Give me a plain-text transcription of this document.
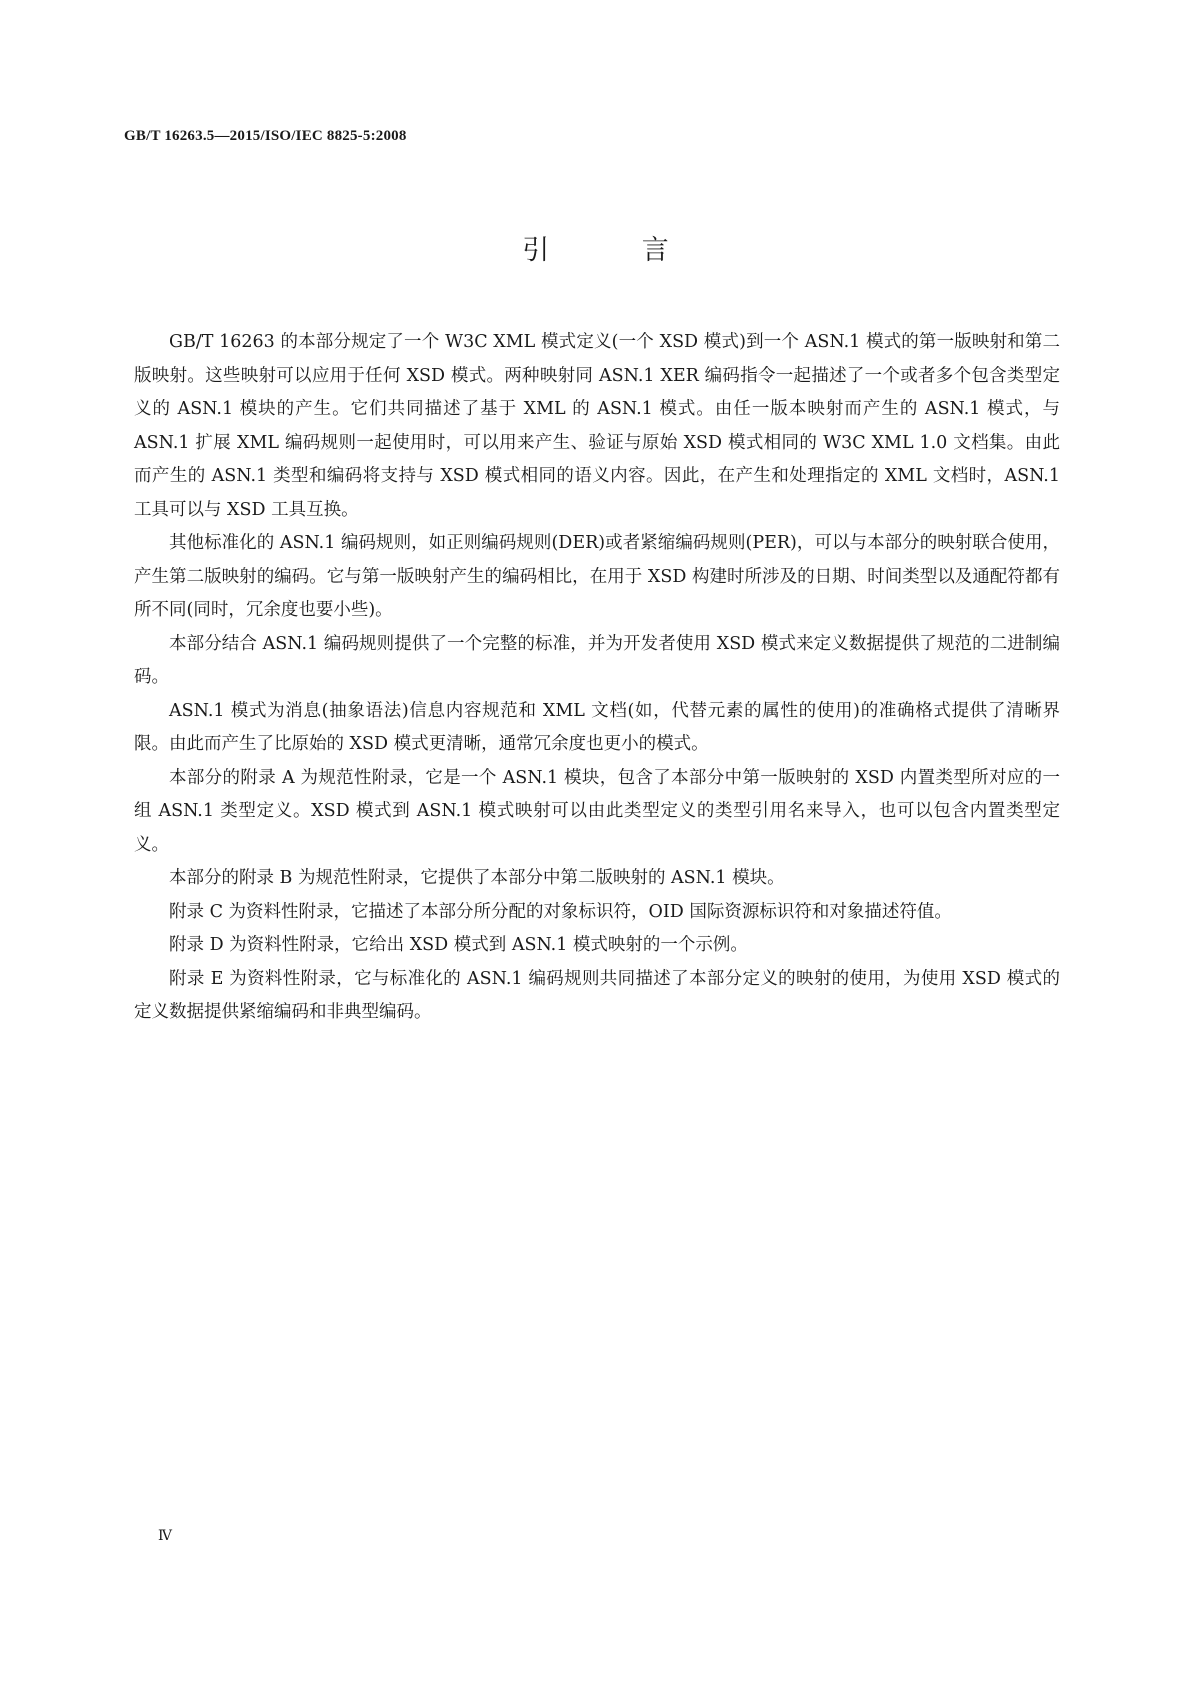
GB/T 16263.5—2015/ISO/IEC 8825-5:2008
引 言

GB/T 16263 的本部分规定了一个 W3C XML 模式定义(一个 XSD 模式)到一个 ASN.1 模式的第一版映射和第二版映射。这些映射可以应用于任何 XSD 模式。两种映射同 ASN.1 XER 编码指令一起描述了一个或者多个包含类型定义的 ASN.1 模块的产生。它们共同描述了基于 XML 的 ASN.1 模式。由任一版本映射而产生的 ASN.1 模式，与 ASN.1 扩展 XML 编码规则一起使用时，可以用来产生、验证与原始 XSD 模式相同的 W3C XML 1.0 文档集。由此而产生的 ASN.1 类型和编码将支持与 XSD 模式相同的语义内容。因此，在产生和处理指定的 XML 文档时，ASN.1 工具可以与 XSD 工具互换。

其他标准化的 ASN.1 编码规则，如正则编码规则(DER)或者紧缩编码规则(PER)，可以与本部分的映射联合使用，产生第二版映射的编码。它与第一版映射产生的编码相比，在用于 XSD 构建时所涉及的日期、时间类型以及通配符都有所不同(同时，冗余度也要小些)。

本部分结合 ASN.1 编码规则提供了一个完整的标准，并为开发者使用 XSD 模式来定义数据提供了规范的二进制编码。

ASN.1 模式为消息(抽象语法)信息内容规范和 XML 文档(如，代替元素的属性的使用)的准确格式提供了清晰界限。由此而产生了比原始的 XSD 模式更清晰，通常冗余度也更小的模式。

本部分的附录 A 为规范性附录，它是一个 ASN.1 模块，包含了本部分中第一版映射的 XSD 内置类型所对应的一组 ASN.1 类型定义。XSD 模式到 ASN.1 模式映射可以由此类型定义的类型引用名来导入，也可以包含内置类型定义。

本部分的附录 B 为规范性附录，它提供了本部分中第二版映射的 ASN.1 模块。

附录 C 为资料性附录，它描述了本部分所分配的对象标识符，OID 国际资源标识符和对象描述符值。

附录 D 为资料性附录，它给出 XSD 模式到 ASN.1 模式映射的一个示例。

附录 E 为资料性附录，它与标准化的 ASN.1 编码规则共同描述了本部分定义的映射的使用，为使用 XSD 模式的定义数据提供紧缩编码和非典型编码。

Ⅳ
